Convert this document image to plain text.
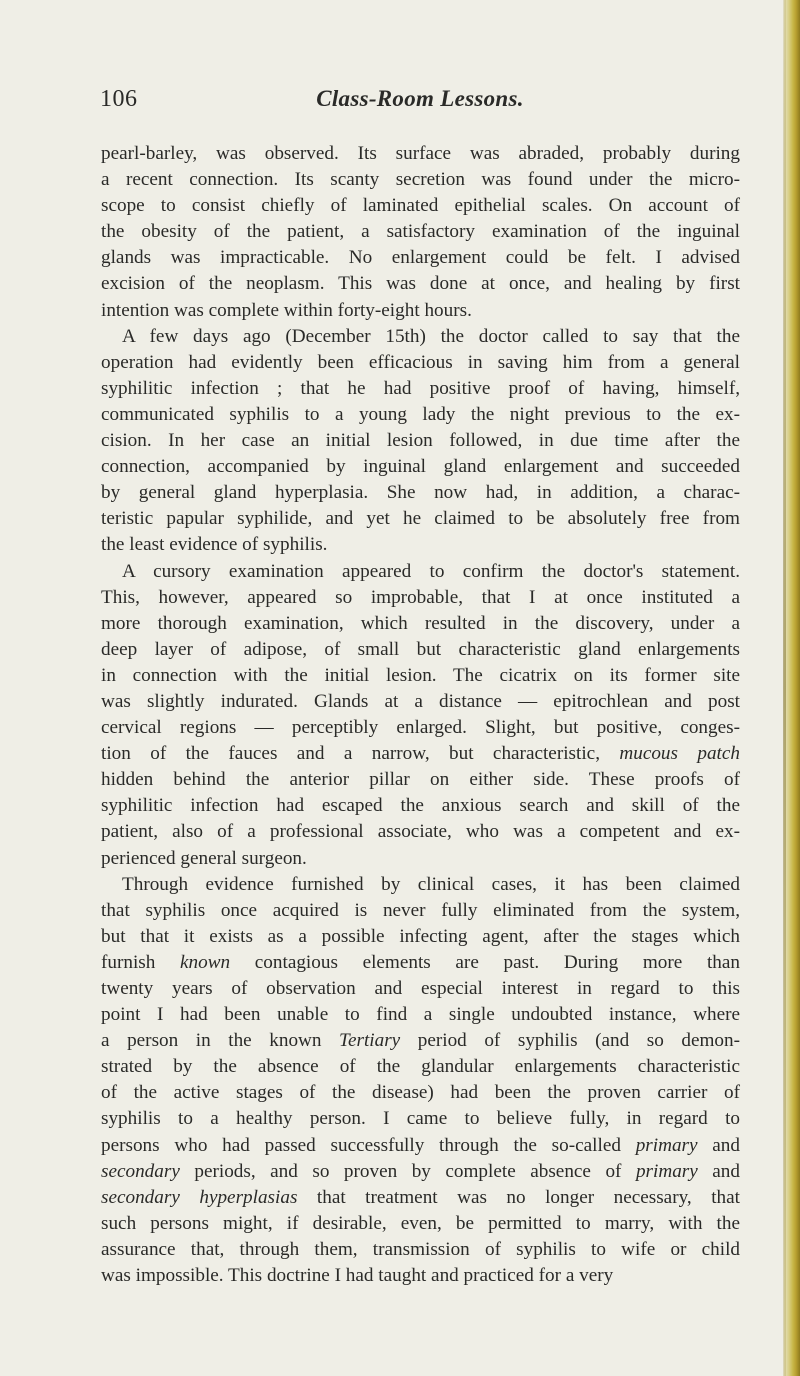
106	Class-Room Lessons.
pearl-barley, was observed. Its surface was abraded, probably during
a recent connection. Its scanty secretion was found under the micro-
scope to consist chiefly of laminated epithelial scales. On account of
the obesity of the patient, a satisfactory examination of the inguinal
glands was impracticable. No enlargement could be felt. I advised
excision of the neoplasm. This was done at once, and healing by first
intention was complete within forty-eight hours.
A few days ago (December 15th) the doctor called to say that the
operation had evidently been efficacious in saving him from a general
syphilitic infection ; that he had positive proof of having, himself,
communicated syphilis to a young lady the night previous to the ex-
cision. In her case an initial lesion followed, in due time after the
connection, accompanied by inguinal gland enlargement and succeeded
by general gland hyperplasia. She now had, in addition, a charac-
teristic papular syphilide, and yet he claimed to be absolutely free from
the least evidence of syphilis.
A cursory examination appeared to confirm the doctor's statement.
This, however, appeared so improbable, that I at once instituted a
more thorough examination, which resulted in the discovery, under a
deep layer of adipose, of small but characteristic gland enlargements
in connection with the initial lesion. The cicatrix on its former site
was slightly indurated. Glands at a distance — epitrochlean and post
cervical regions — perceptibly enlarged. Slight, but positive, conges-
tion of the fauces and a narrow, but characteristic, mucous patch
hidden behind the anterior pillar on either side. These proofs of
syphilitic infection had escaped the anxious search and skill of the
patient, also of a professional associate, who was a competent and ex-
perienced general surgeon.
Through evidence furnished by clinical cases, it has been claimed
that syphilis once acquired is never fully eliminated from the system,
but that it exists as a possible infecting agent, after the stages which
furnish known contagious elements are past. During more than
twenty years of observation and especial interest in regard to this
point I had been unable to find a single undoubted instance, where
a person in the known Tertiary period of syphilis (and so demon-
strated by the absence of the glandular enlargements characteristic
of the active stages of the disease) had been the proven carrier of
syphilis to a healthy person. I came to believe fully, in regard to
persons who had passed successfully through the so-called primary and
secondary periods, and so proven by complete absence of primary and
secondary hyperplasias that treatment was no longer necessary, that
such persons might, if desirable, even, be permitted to marry, with the
assurance that, through them, transmission of syphilis to wife or child
was impossible. This doctrine I had taught and practiced for a very
